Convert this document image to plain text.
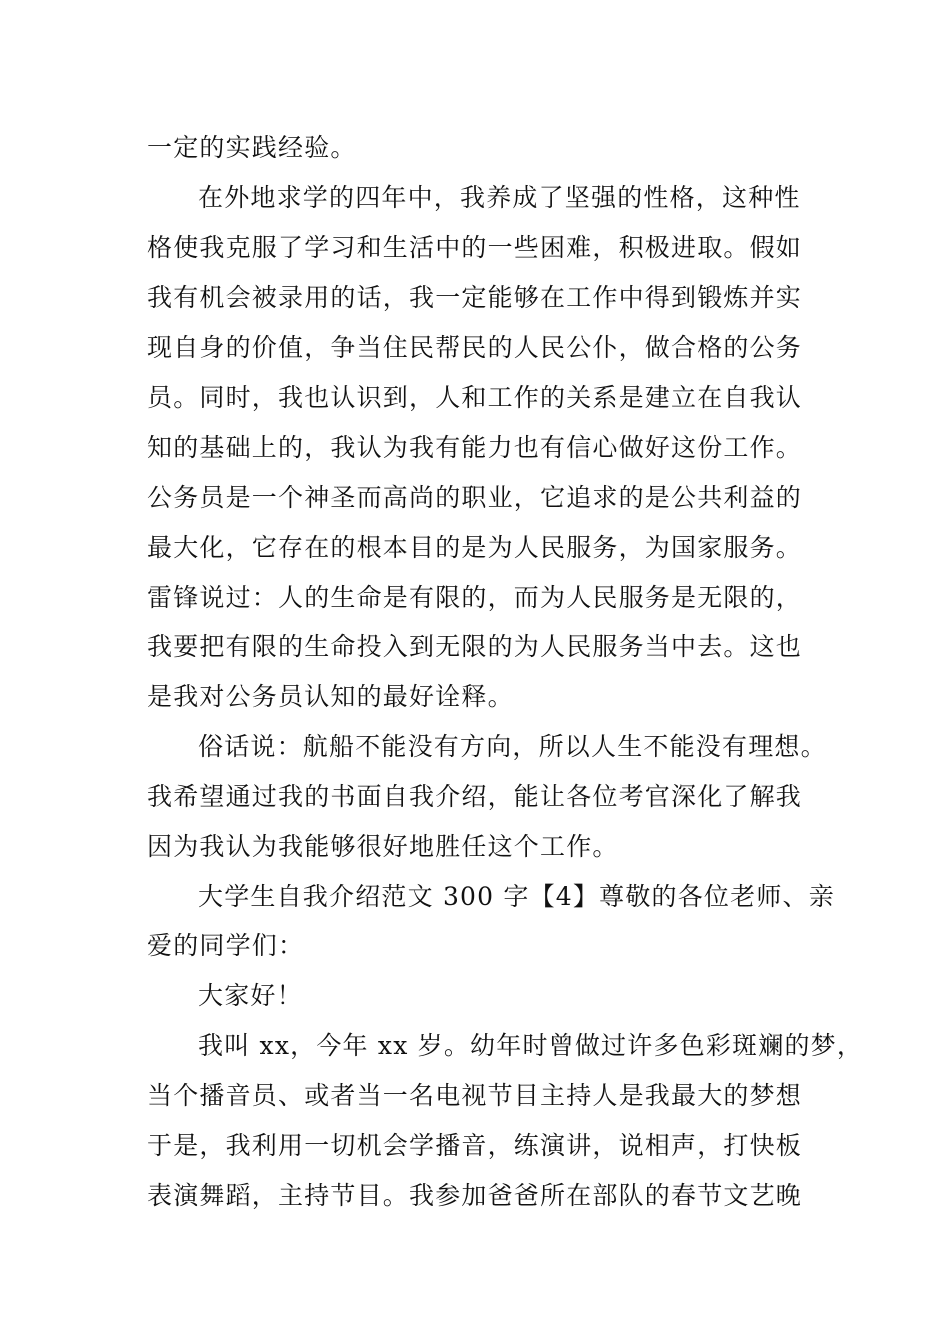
一定的实践经验。
在外地求学的四年中，我养成了坚强的性格，这种性
格使我克服了学习和生活中的一些困难，积极进取。假如
我有机会被录用的话，我一定能够在工作中得到锻炼并实
现自身的价值，争当住民帮民的人民公仆，做合格的公务
员。同时，我也认识到，人和工作的关系是建立在自我认
知的基础上的，我认为我有能力也有信心做好这份工作。
公务员是一个神圣而高尚的职业，它追求的是公共利益的
最大化，它存在的根本目的是为人民服务，为国家服务。
雷锋说过：人的生命是有限的，而为人民服务是无限的，
我要把有限的生命投入到无限的为人民服务当中去。这也
是我对公务员认知的最好诠释。
俗话说：航船不能没有方向，所以人生不能没有理想。
我希望通过我的书面自我介绍，能让各位考官深化了解我
因为我认为我能够很好地胜任这个工作。
大学生自我介绍范文 300 字【4】尊敬的各位老师、亲
爱的同学们：
大家好！
我叫 xx，今年 xx 岁。幼年时曾做过许多色彩斑斓的梦，
当个播音员、或者当一名电视节目主持人是我最大的梦想
于是，我利用一切机会学播音，练演讲，说相声，打快板
表演舞蹈，主持节目。我参加爸爸所在部队的春节文艺晚
